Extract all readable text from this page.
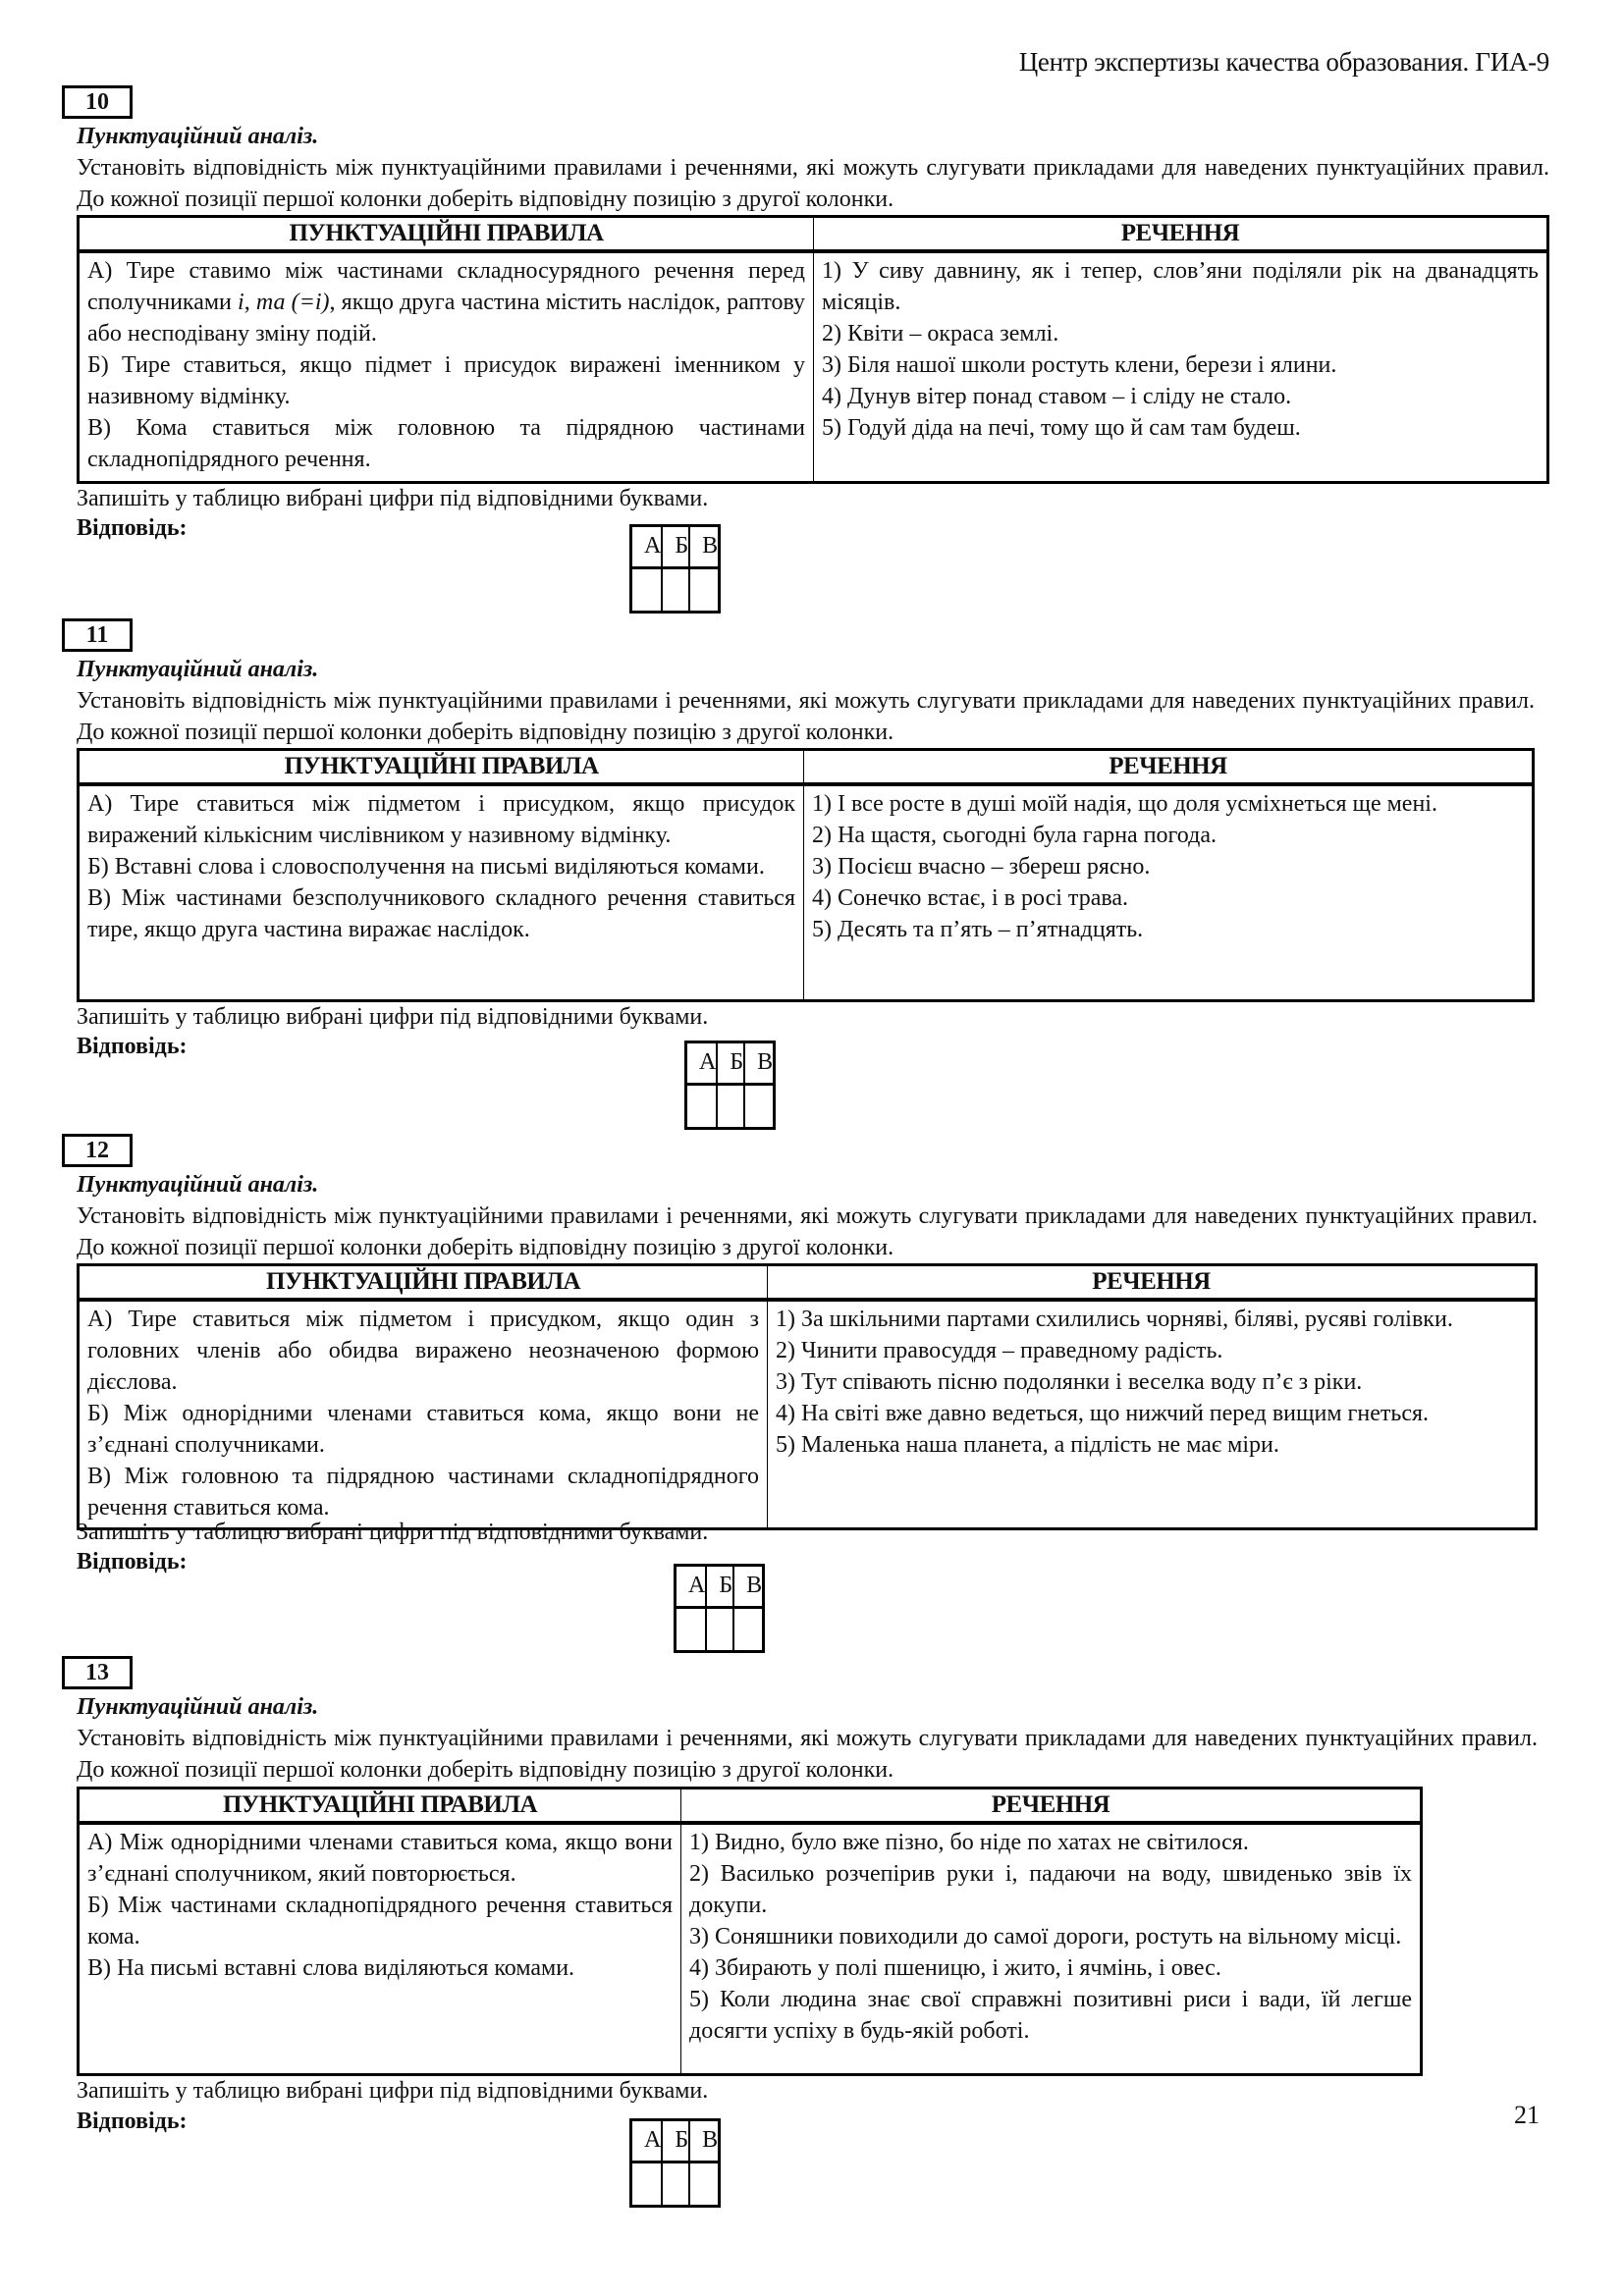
Центр экспертизы качества образования. ГИА-9
10
Пунктуаційний аналіз.
Установіть відповідність між пунктуаційними правилами і реченнями, які можуть слугувати прикладами для наведених пунктуаційних правил. До кожної позиції першої колонки доберіть відповідну позицію з другої колонки.
ПУНКТУАЦІЙНІ ПРАВИЛА	РЕЧЕННЯ

А) Тире ставимо між частинами складносурядного речення перед сполучниками і, та (=і), якщо друга частина містить наслідок, раптову або несподівану зміну подій.
Б) Тире ставиться, якщо підмет і присудок виражені іменником у називному відмінку.
В) Кома ставиться між головною та підрядною частинами складнопідрядного речення.

1) У сиву давнину, як і тепер, слов’яни поділяли рік на дванадцять місяців.
2) Квіти – окраса землі.
3) Біля нашої школи ростуть клени, берези і ялини.
4) Дунув вітер понад ставом – і сліду не стало.
5) Годуй діда на печі, тому що й сам там будеш.
Запишіть у таблицю вибрані цифри під відповідними буквами.
Відповідь:
А	Б	В

11
Пунктуаційний аналіз.
Установіть відповідність між пунктуаційними правилами і реченнями, які можуть слугувати прикладами для наведених пунктуаційних правил. До кожної позиції першої колонки доберіть відповідну позицію з другої колонки.
ПУНКТУАЦІЙНІ ПРАВИЛА	РЕЧЕННЯ

А) Тире ставиться між підметом і присудком, якщо присудок виражений кількісним числівником у називному відмінку.
Б) Вставні слова і словосполучення на письмі виділяються комами.
В) Між частинами безсполучникового складного речення ставиться тире, якщо друга частина виражає наслідок.

1) І все росте в душі моїй надія, що доля усміхнеться ще мені.
2) На щастя, сьогодні була гарна погода.
3) Посієш вчасно – збереш рясно.
4) Сонечко встає, і в росі трава.
5) Десять та п’ять – п’ятнадцять.
Запишіть у таблицю вибрані цифри під відповідними буквами.
Відповідь:
А	Б	В

12
Пунктуаційний аналіз.
Установіть відповідність між пунктуаційними правилами і реченнями, які можуть слугувати прикладами для наведених пунктуаційних правил. До кожної позиції першої колонки доберіть відповідну позицію з другої колонки.
ПУНКТУАЦІЙНІ ПРАВИЛА	РЕЧЕННЯ

А) Тире ставиться між підметом і присудком, якщо один з головних членів або обидва виражено неозначеною формою дієслова.
Б) Між однорідними членами ставиться кома, якщо вони не з’єднані сполучниками.
В) Між головною та підрядною частинами складнопідрядного речення ставиться кома.

1) За шкільними партами схилились чорняві, біляві, русяві голівки.
2) Чинити правосуддя – праведному радість.
3) Тут співають пісню подолянки і веселка воду п’є з ріки.
4) На світі вже давно ведеться, що нижчий перед вищим гнеться.
5) Маленька наша планета, а підлість не має міри.
Запишіть у таблицю вибрані цифри під відповідними буквами.
Відповідь:
А	Б	В

13
Пунктуаційний аналіз.
Установіть відповідність між пунктуаційними правилами і реченнями, які можуть слугувати прикладами для наведених пунктуаційних правил. До кожної позиції першої колонки доберіть відповідну позицію з другої колонки.
ПУНКТУАЦІЙНІ ПРАВИЛА	РЕЧЕННЯ

А) Між однорідними членами ставиться кома, якщо вони з’єднані сполучником, який повторюється.
Б) Між частинами складнопідрядного речення ставиться кома.
В) На письмі вставні слова виділяються комами.

1) Видно, було вже пізно, бо ніде по хатах не світилося.
2) Василько розчепірив руки і, падаючи на воду, швиденько звів їх докупи.
3) Соняшники повиходили до самої дороги, ростуть на вільному місці.
4) Збирають у полі пшеницю, і жито, і ячмінь, і овес.
5) Коли людина знає свої справжні позитивні риси і вади, їй легше досягти успіху в будь-якій роботі.
Запишіть у таблицю вибрані цифри під відповідними буквами.
Відповідь:
А	Б	В

21
